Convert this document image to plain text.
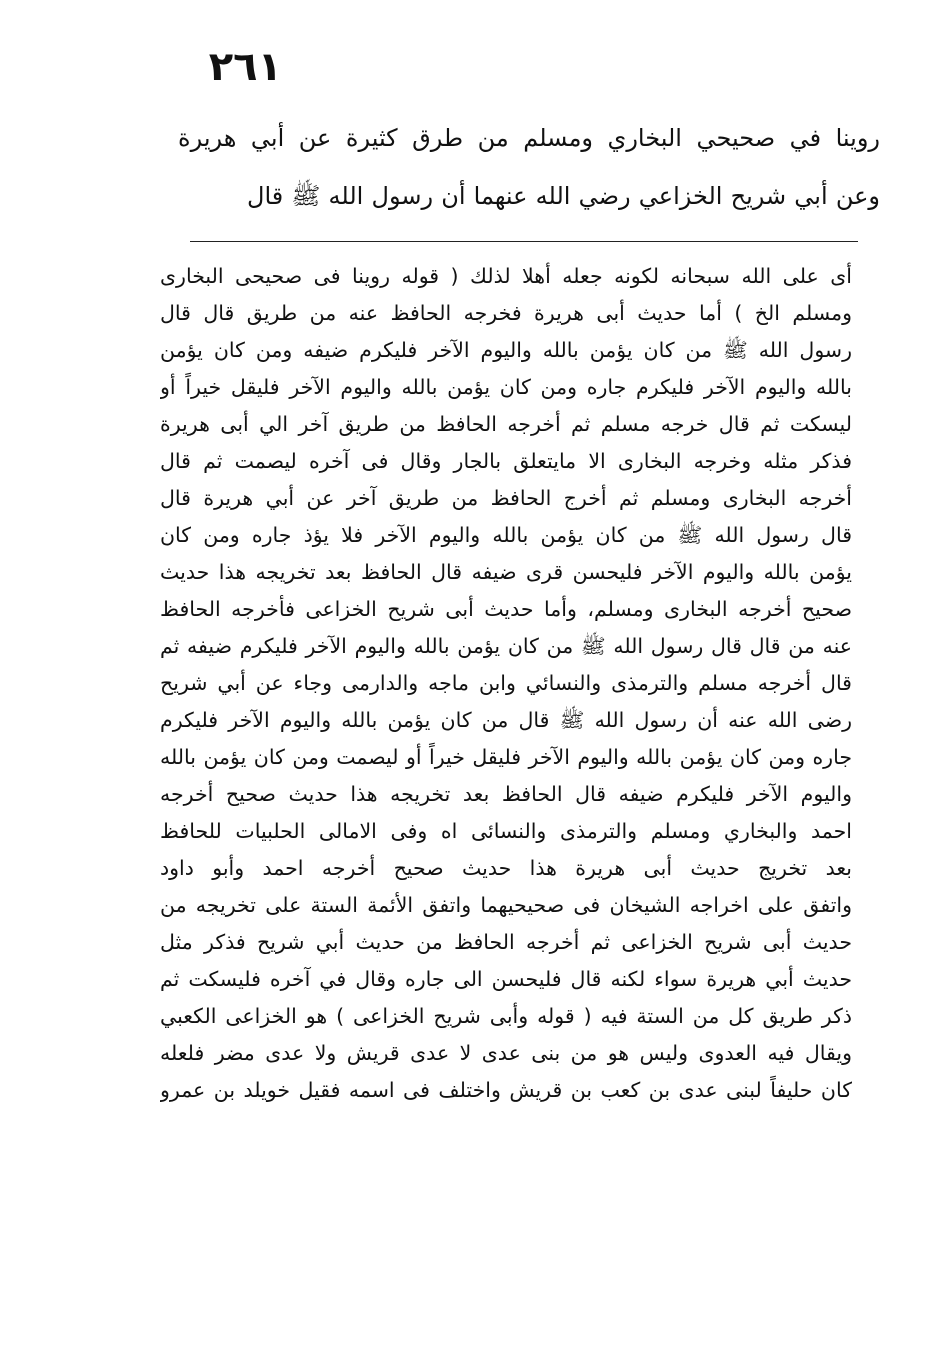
٢٦١
روينا في صحيحي البخاري ومسلم من طرق كثيرة عن أبي هريرة
وعن أبي شريح الخزاعي رضي الله عنهما أن رسول الله ﷺ قال
أى على الله سبحانه لكونه جعله أهلا لذلك ( قوله روينا فى صحيحى البخارى
ومسلم الخ ) أما حديث أبى هريرة فخرجه الحافظ عنه من طريق قال قال
رسول الله ﷺ من كان يؤمن بالله واليوم الآخر فليكرم ضيفه ومن كان يؤمن
بالله واليوم الآخر فليكرم جاره ومن كان يؤمن بالله واليوم الآخر فليقل خيراً أو
ليسكت ثم قال خرجه مسلم ثم أخرجه الحافظ من طريق آخر الي أبى هريرة
فذكر مثله وخرجه البخارى الا مايتعلق بالجار وقال فى آخره ليصمت ثم قال
أخرجه البخارى ومسلم ثم أخرج الحافظ من طريق آخر عن أبي هريرة قال
قال رسول الله ﷺ من كان يؤمن بالله واليوم الآخر فلا يؤذ جاره ومن كان
يؤمن بالله واليوم الآخر فليحسن قرى ضيفه قال الحافظ بعد تخريجه هذا حديث
صحيح أخرجه البخارى ومسلم، وأما حديث أبى شريح الخزاعى فأخرجه الحافظ
عنه من قال قال رسول الله ﷺ من كان يؤمن بالله واليوم الآخر فليكرم ضيفه ثم
قال أخرجه مسلم والترمذى والنسائي وابن ماجه والدارمى وجاء عن أبي شريح
رضى الله عنه أن رسول الله ﷺ قال من كان يؤمن بالله واليوم الآخر فليكرم
جاره ومن كان يؤمن بالله واليوم الآخر فليقل خيراً أو ليصمت ومن كان يؤمن بالله
واليوم الآخر فليكرم ضيفه قال الحافظ بعد تخريجه هذا حديث صحيح أخرجه
احمد والبخاري ومسلم والترمذى والنسائى اه وفى الامالى الحلبيات للحافظ
بعد تخريج حديث أبى هريرة هذا حديث صحيح أخرجه احمد وأبو داود
واتفق على اخراجه الشيخان فى صحيحيهما واتفق الأئمة الستة على تخريجه من
حديث أبى شريح الخزاعى ثم أخرجه الحافظ من حديث أبي شريح فذكر مثل
حديث أبي هريرة سواء لكنه قال فليحسن الى جاره وقال في آخره فليسكت ثم
ذكر طريق كل من الستة فيه ( قوله وأبى شريح الخزاعى ) هو الخزاعى الكعبي
ويقال فيه العدوى وليس هو من بنى عدى لا عدى قريش ولا عدى مضر فلعله
كان حليفاً لبنى عدى بن كعب بن قريش واختلف فى اسمه فقيل خويلد بن عمرو
